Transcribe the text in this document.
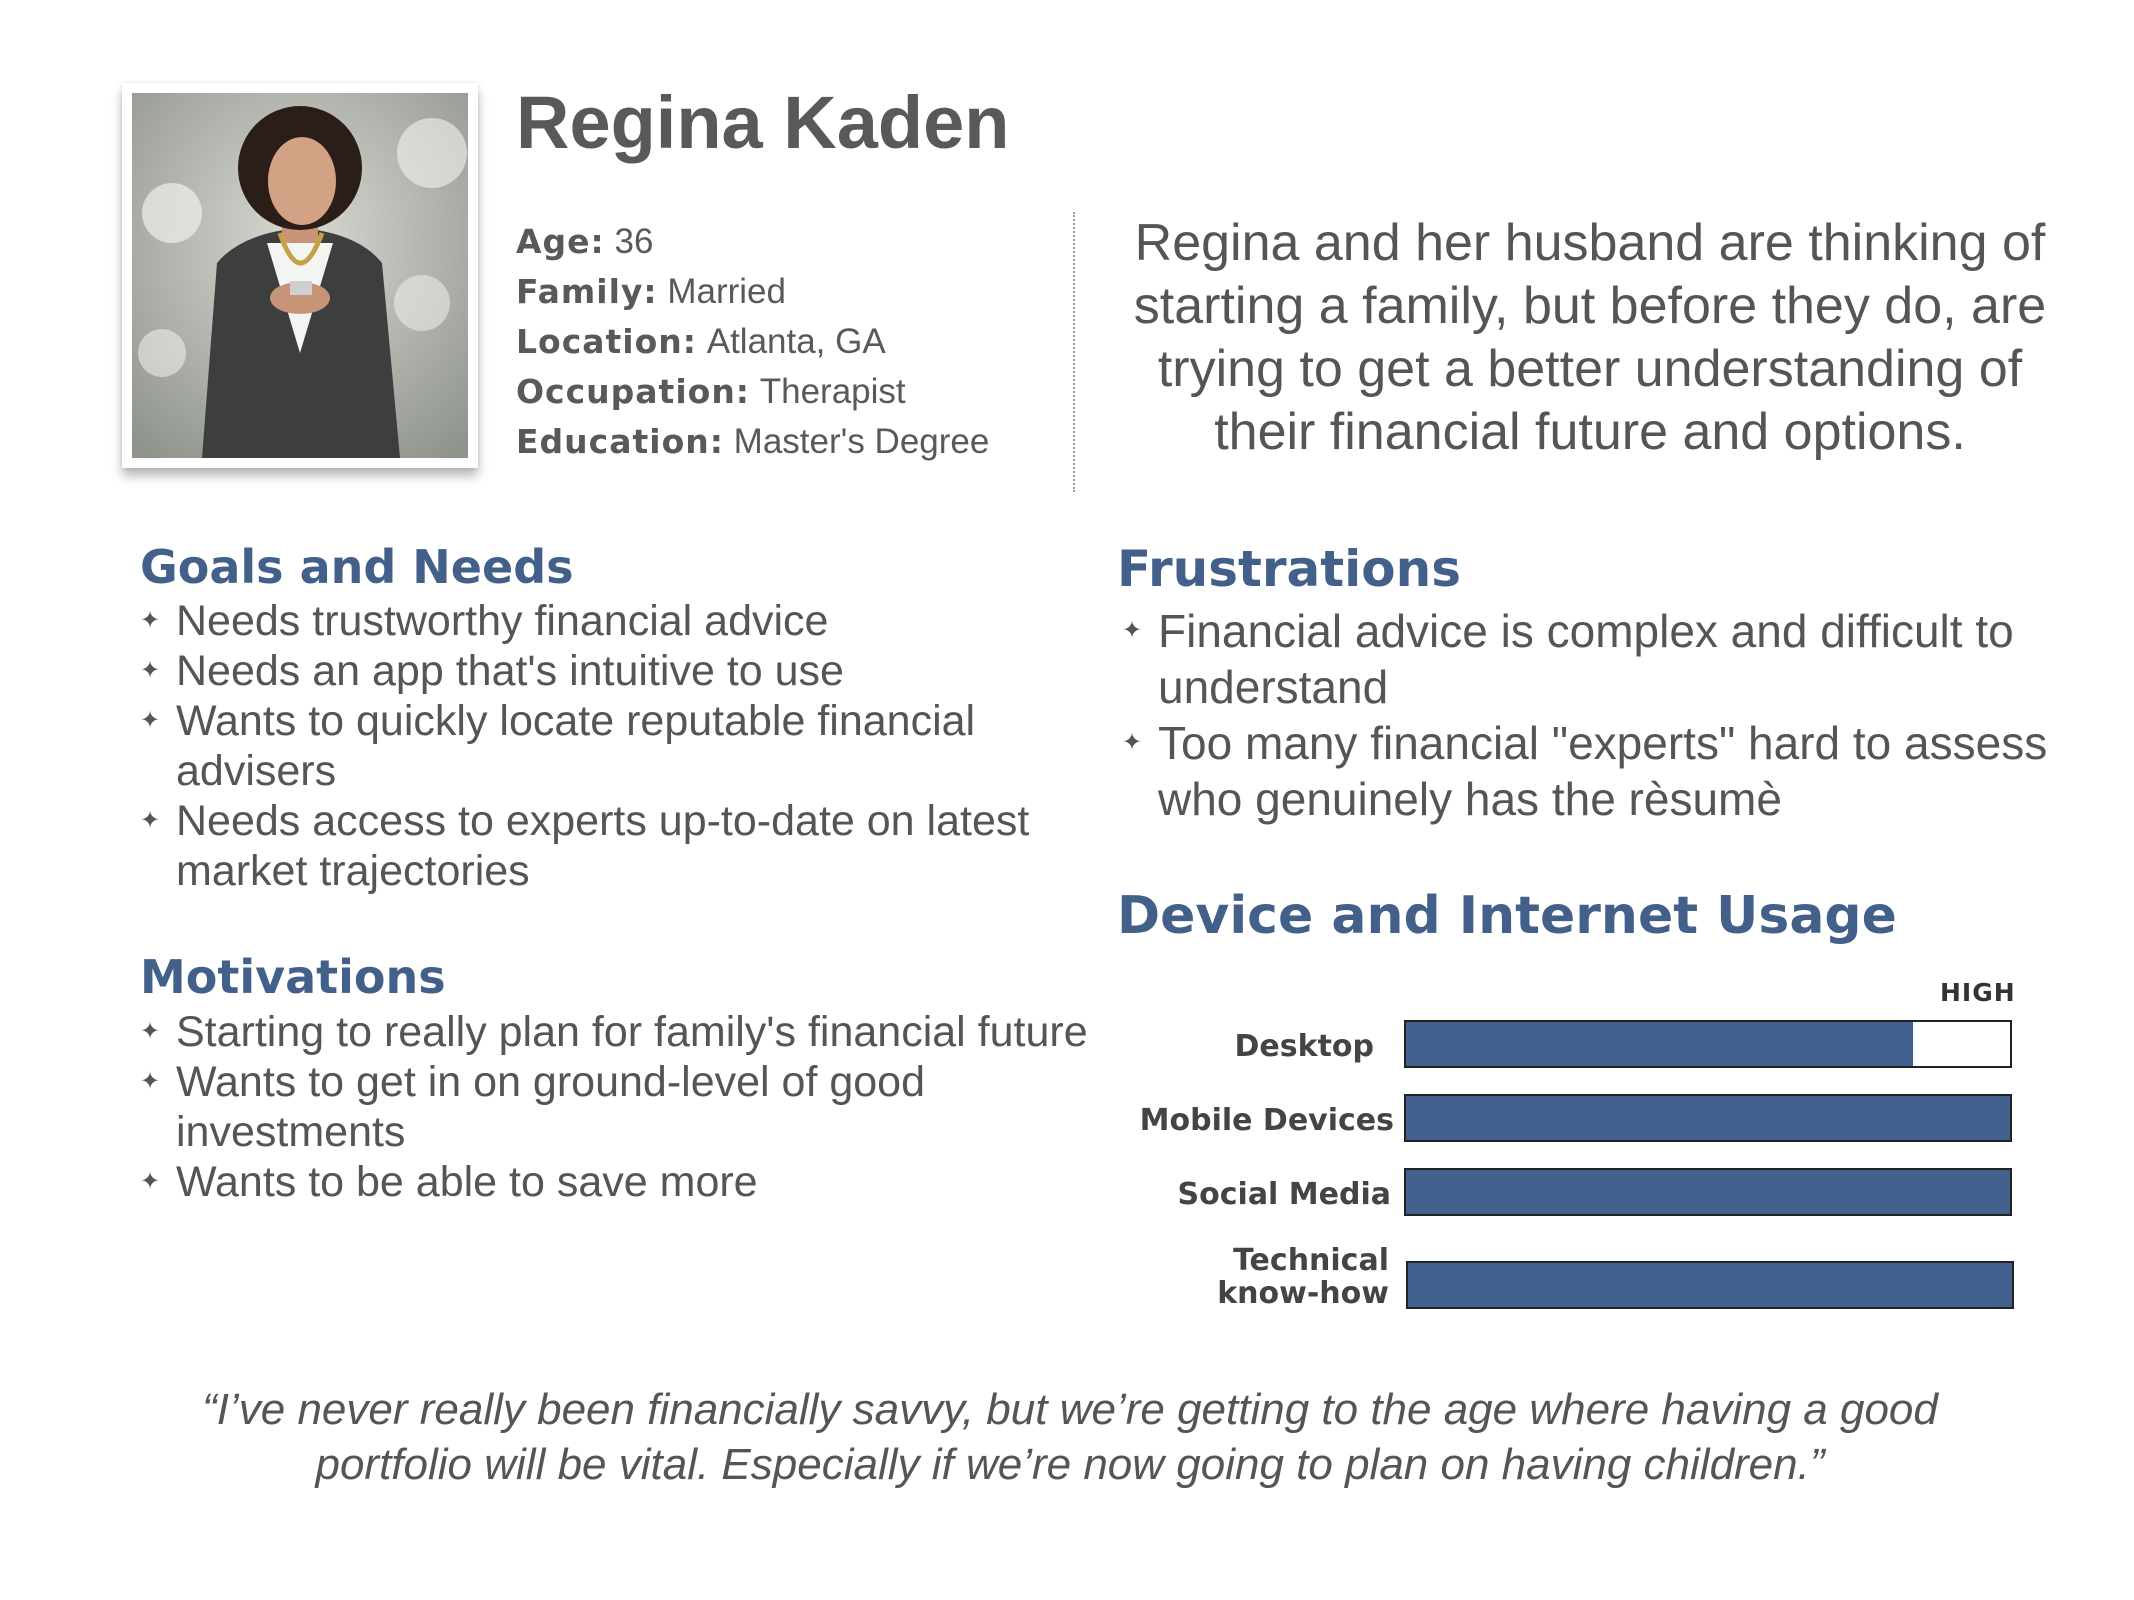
Regina Kaden
Age: 36
Family: Married
Location: Atlanta, GA
Occupation: Therapist
Education: Master's Degree
Regina and her husband are thinking of starting a family, but before they do, are trying to get a better understanding of their financial future and options.
Goals and Needs
✦ Needs trustworthy financial advice
✦ Needs an app that's intuitive to use
✦ Wants to quickly locate reputable financial advisers
✦ Needs access to experts up-to-date on latest market trajectories
Motivations
✦ Starting to really plan for family's financial future
✦ Wants to get in on ground-level of good investments
✦ Wants to be able to save more
Frustrations
✦ Financial advice is complex and difficult to understand
✦ Too many financial "experts" hard to assess who genuinely has the rèsumè
Device and Internet Usage
HIGH
Desktop
Mobile Devices
Social Media
Technical
know-how
“I’ve never really been financially savvy, but we’re getting to the age where having a good portfolio will be vital. Especially if we’re now going to plan on having children.”
